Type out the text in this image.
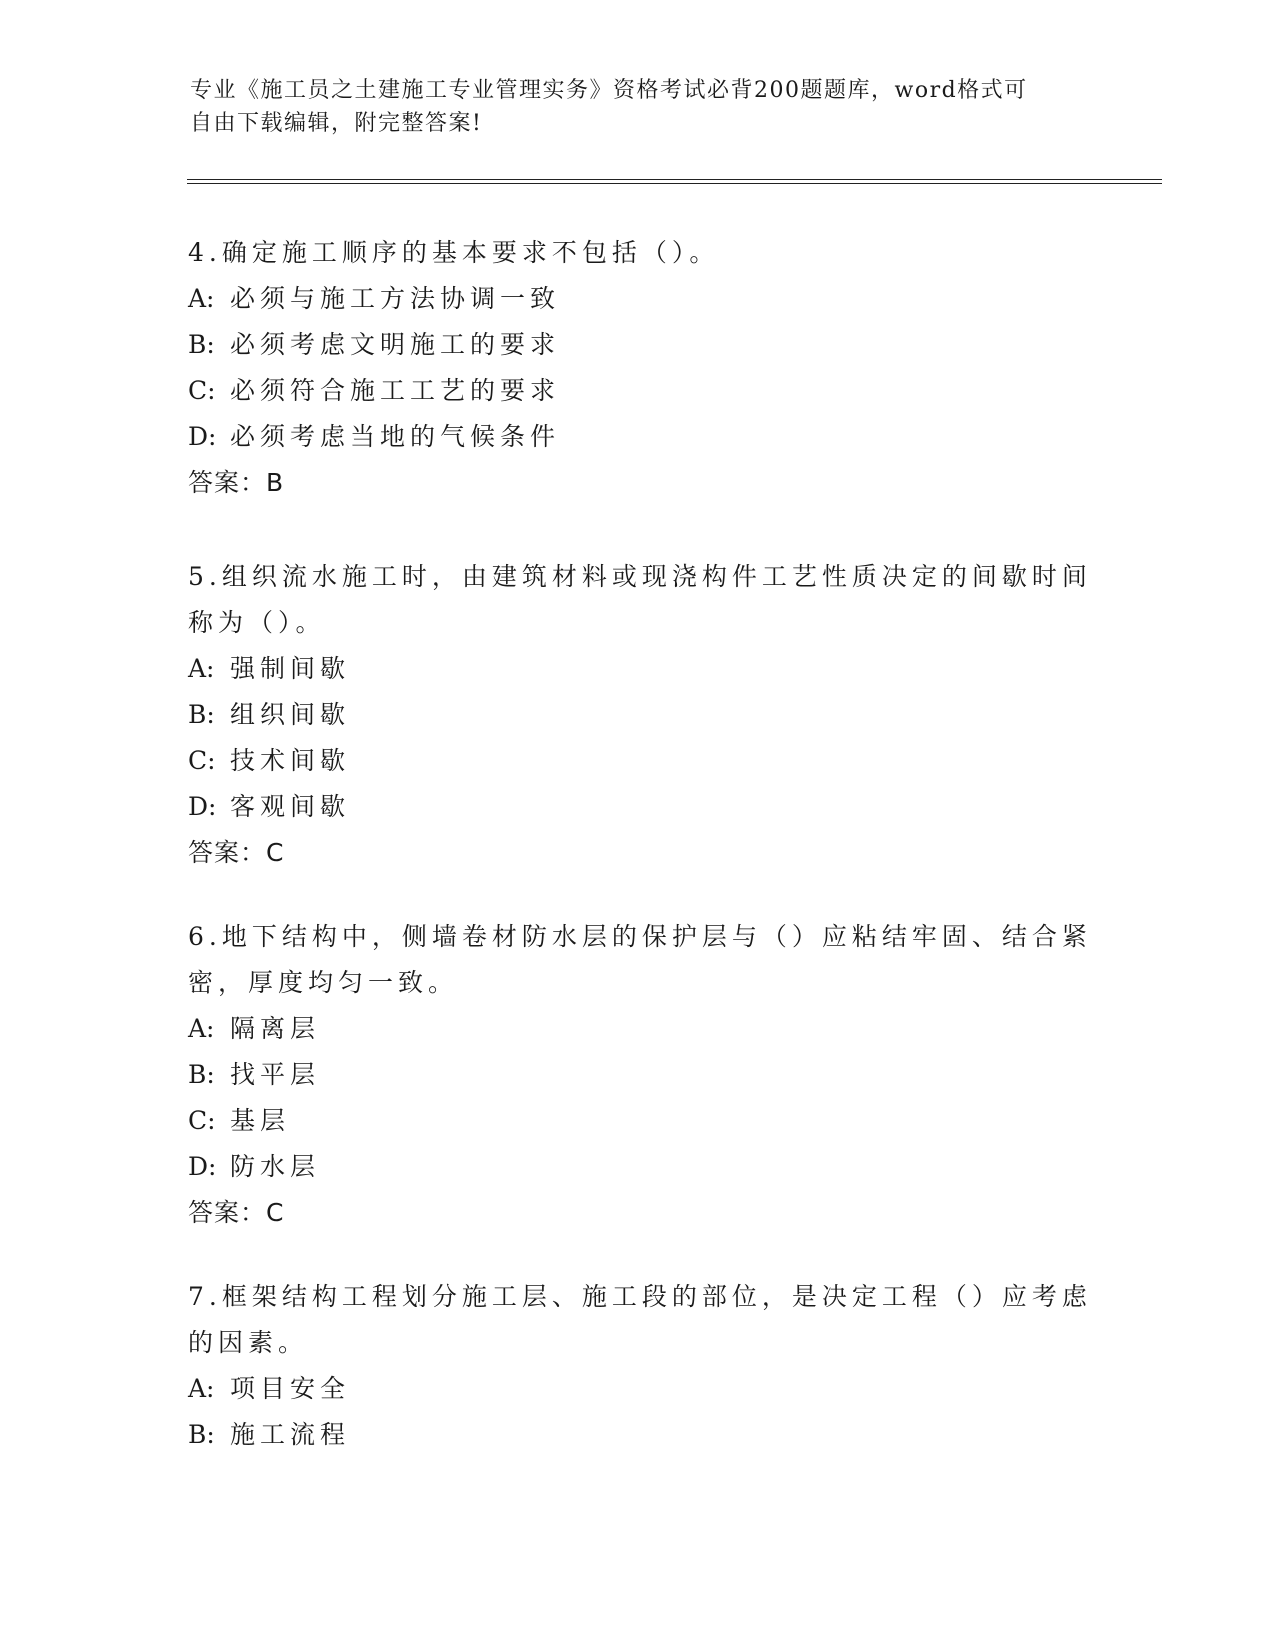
专业《施工员之土建施工专业管理实务》资格考试必背200题题库，word格式可
自由下载编辑，附完整答案!
4.确定施工顺序的基本要求不包括（）。
A: 必须与施工方法协调一致
B: 必须考虑文明施工的要求
C: 必须符合施工工艺的要求
D: 必须考虑当地的气候条件
答案：B
5.组织流水施工时，由建筑材料或现浇构件工艺性质决定的间歇时间
称为（）。
A: 强制间歇
B: 组织间歇
C: 技术间歇
D: 客观间歇
答案：C
6.地下结构中，侧墙卷材防水层的保护层与（）应粘结牢固、结合紧
密，厚度均匀一致。
A: 隔离层
B: 找平层
C: 基层
D: 防水层
答案：C
7.框架结构工程划分施工层、施工段的部位，是决定工程（）应考虑
的因素。
A: 项目安全
B: 施工流程
